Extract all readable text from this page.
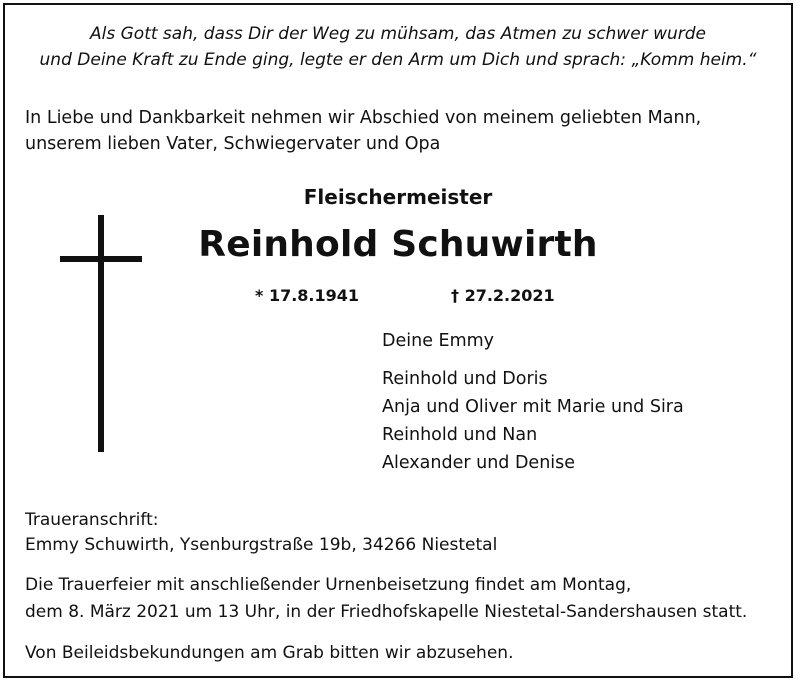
Als Gott sah, dass Dir der Weg zu mühsam, das Atmen zu schwer wurde
und Deine Kraft zu Ende ging, legte er den Arm um Dich und sprach: „Komm heim.“
In Liebe und Dankbarkeit nehmen wir Abschied von meinem geliebten Mann,
unserem lieben Vater, Schwiegervater und Opa
Fleischermeister
Reinhold Schuwirth
* 17.8.1941	† 27.2.2021
Deine Emmy
Reinhold und Doris
Anja und Oliver mit Marie und Sira
Reinhold und Nan
Alexander und Denise
Traueranschrift:
Emmy Schuwirth, Ysenburgstraße 19b, 34266 Niestetal
Die Trauerfeier mit anschließender Urnenbeisetzung findet am Montag,
dem 8. März 2021 um 13 Uhr, in der Friedhofskapelle Niestetal-Sandershausen statt.
Von Beileidsbekundungen am Grab bitten wir abzusehen.
